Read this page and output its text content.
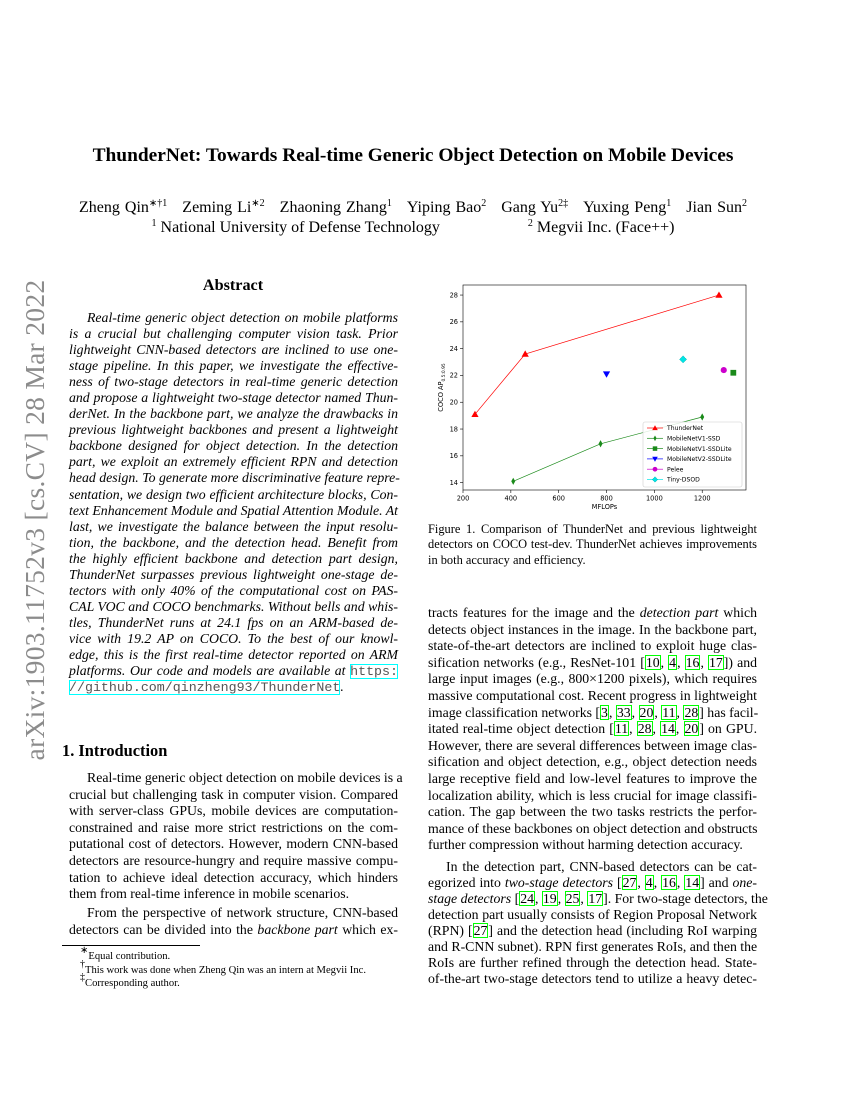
arXiv:1903.11752v3 [cs.CV] 28 Mar 2022
ThunderNet: Towards Real-time Generic Object Detection on Mobile Devices
Zheng Qin$^{∗\dagger 1}$ Zeming $Li^{∗2}$ Zhaoning Zhang$^1$ Yiping Bao$^2$ Gang $Yu^{2\ddagger}$ Yuxing Peng$^1$ Jian Sun$^2$
$^1$ National University of Defense Technology	$^2$ Megvii Inc. (Face++)
Abstract
Real-time generic object detection on mobile platforms
is a crucial but challenging computer vision task. Prior
lightweight CNN-based detectors are inclined to use one-
stage pipeline. In this paper, we investigate the effective-
ness of two-stage detectors in real-time generic detection
and propose a lightweight two-stage detector named Thun-
derNet. In the backbone part, we analyze the drawbacks in
previous lightweight backbones and present a lightweight
backbone designed for object detection. In the detection
part, we exploit an extremely efficient RPN and detection
head design. To generate more discriminative feature repre-
sentation, we design two efficient architecture blocks, Con-
text Enhancement Module and Spatial Attention Module. At
last, we investigate the balance between the input resolu-
tion, the backbone, and the detection head. Benefit from
the highly efficient backbone and detection part design,
ThunderNet surpasses previous lightweight one-stage de-
tectors with only 40% of the computational cost on PAS-
CAL VOC and COCO benchmarks. Without bells and whis-
tles, ThunderNet runs at 24.1 fps on an ARM-based de-
vice with 19.2 AP on COCO. To the best of our knowl-
edge, this is the first real-time detector reported on ARM
platforms. Our code and models are available at https:
//github.com/qinzheng93/ThunderNet.
1. Introduction
Real-time generic object detection on mobile devices is a
crucial but challenging task in computer vision. Compared
with server-class GPUs, mobile devices are computation-
constrained and raise more strict restrictions on the com-
putational cost of detectors. However, modern CNN-based
detectors are resource-hungry and require massive compu-
tation to achieve ideal detection accuracy, which hinders
them from real-time inference in mobile scenarios.
From the perspective of network structure, CNN-based
detectors can be divided into the backbone part which ex-
tracts features for the image and the detection part which
detects object instances in the image. In the backbone part,
state-of-the-art detectors are inclined to exploit huge clas-
sification networks (e.g., ResNet-101 [10, 4, 16, 17]) and
large input images (e.g., 800×1200 pixels), which requires
massive computational cost. Recent progress in lightweight
image classification networks [3, 33, 20, 11, 28] has facil-
itated real-time object detection [11, 28, 14, 20] on GPU.
However, there are several differences between image clas-
sification and object detection, e.g., object detection needs
large receptive field and low-level features to improve the
localization ability, which is less crucial for image classifi-
cation. The gap between the two tasks restricts the perfor-
mance of these backbones on object detection and obstructs
further compression without harming detection accuracy.
In the detection part, CNN-based detectors can be cat-
egorized into two-stage detectors [27, 4, 16, 14] and one-
stage detectors [24, 19, 25, 17]. For two-stage detectors, the
detection part usually consists of Region Proposal Network
(RPN) [27] and the detection head (including RoI warping
and R-CNN subnet). RPN first generates RoIs, and then the
RoIs are further refined through the detection head. State-
of-the-art two-stage detectors tend to utilize a heavy detec-
14
16
18
20
22
24
26
28
200	400	600	800	1000	1200
MFLOPs
COCO $AP_{0.5:0.95}$
ThunderNet
MobileNetV1-SSD
MobileNetV1-SSDLite
MobileNetV2-SSDLite
Pelee
Tiny-DSOD
Figure 1. Comparison of ThunderNet and previous lightweight
detectors on COCO test-dev. ThunderNet achieves improvements
in both accuracy and efficiency.
∗Equal contribution.
†This work was done when Zheng Qin was an intern at Megvii Inc.
‡Corresponding author.
